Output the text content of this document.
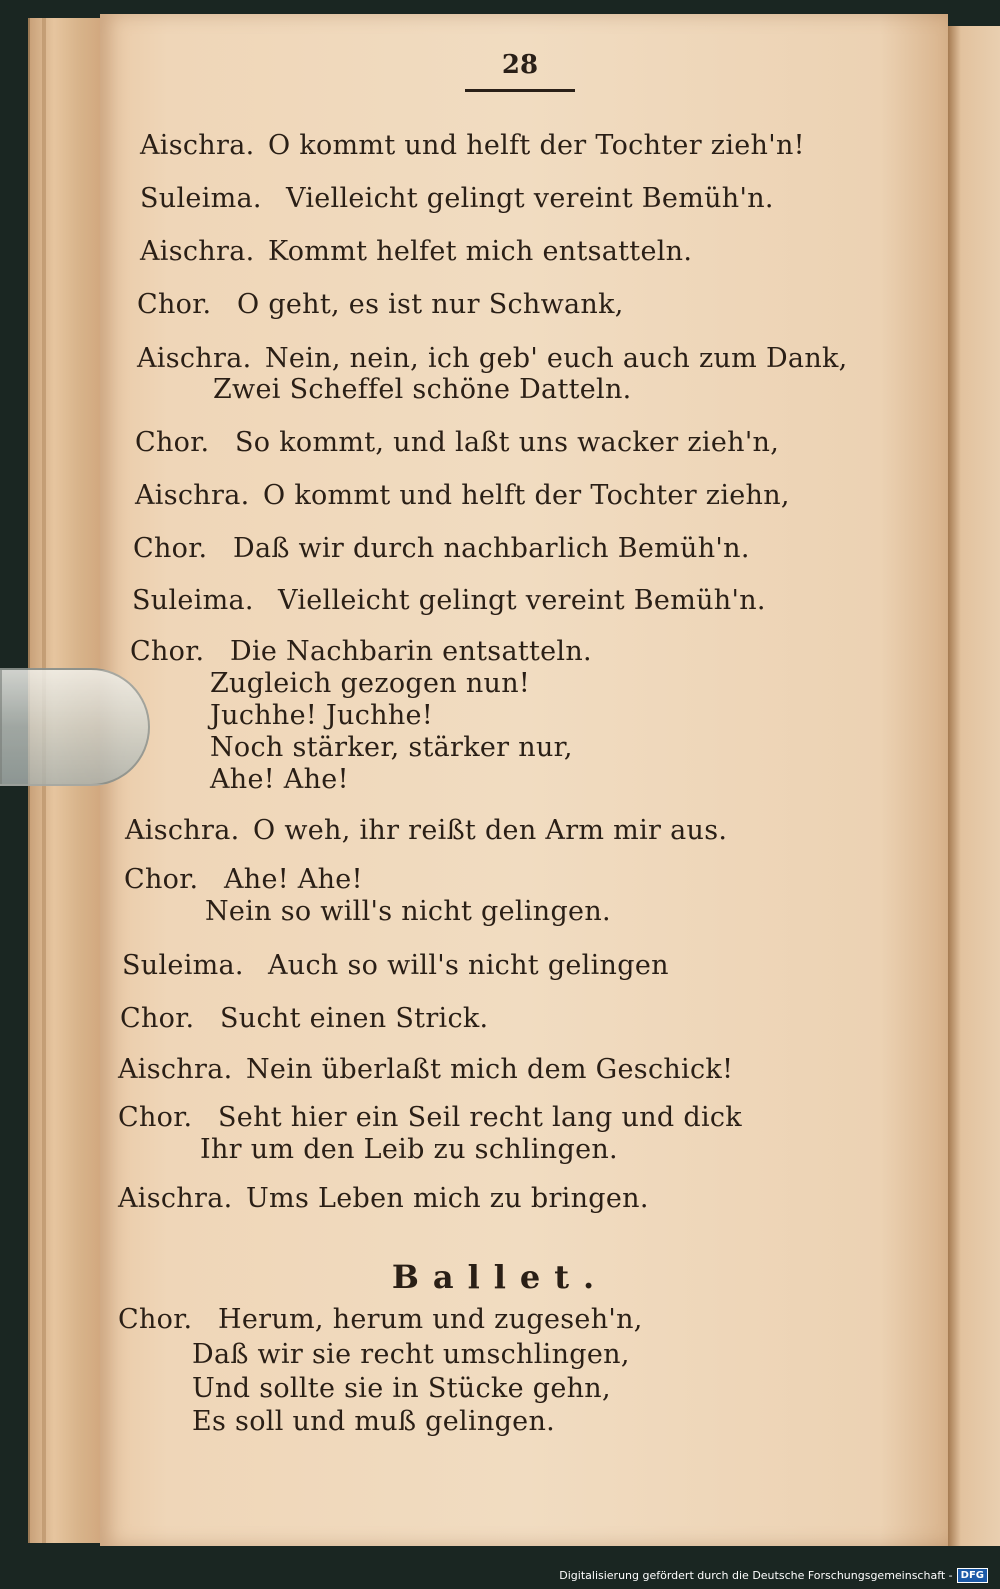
28
Aischra. O kommt und helft der Tochter zieh'n!
Suleima. Vielleicht gelingt vereint Bemüh'n.
Aischra. Kommt helfet mich entsatteln.
Chor. O geht, es ist nur Schwank,
Aischra. Nein, nein, ich geb' euch auch zum Dank,
Zwei Scheffel schöne Datteln.
Chor. So kommt, und laßt uns wacker zieh'n,
Aischra. O kommt und helft der Tochter ziehn,
Chor. Daß wir durch nachbarlich Bemüh'n.
Suleima. Vielleicht gelingt vereint Bemüh'n.
Chor. Die Nachbarin entsatteln.
Zugleich gezogen nun!
Juchhe! Juchhe!
Noch stärker, stärker nur,
Ahe! Ahe!
Aischra. O weh, ihr reißt den Arm mir aus.
Chor. Ahe! Ahe!
Nein so will's nicht gelingen.
Suleima. Auch so will's nicht gelingen
Chor. Sucht einen Strick.
Aischra. Nein überlaßt mich dem Geschick!
Chor. Seht hier ein Seil recht lang und dick
Ihr um den Leib zu schlingen.
Aischra. Ums Leben mich zu bringen.
Ballet.
Chor. Herum, herum und zugeseh'n,
Daß wir sie recht umschlingen,
Und sollte sie in Stücke gehn,
Es soll und muß gelingen.
Digitalisierung gefördert durch die Deutsche Forschungsgemeinschaft - DFG
